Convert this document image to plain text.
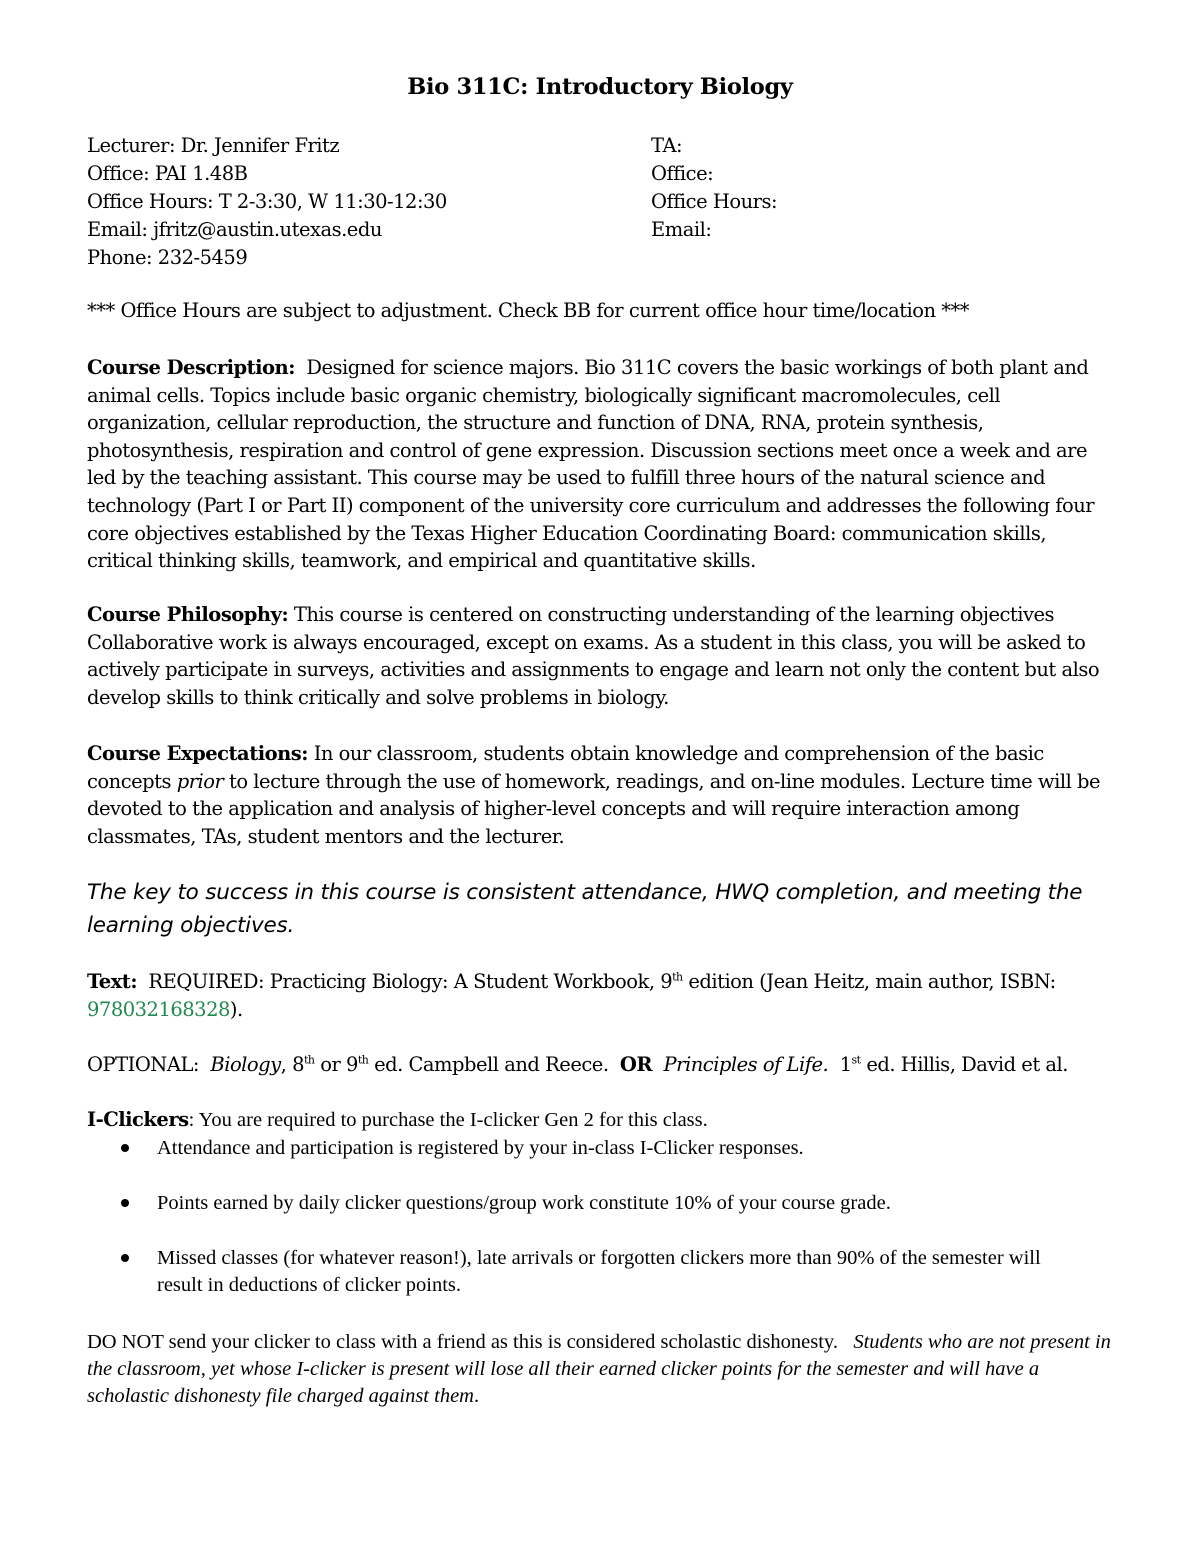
Bio 311C: Introductory Biology
Lecturer: Dr. Jennifer Fritz
Office: PAI 1.48B
Office Hours: T 2-3:30, W 11:30-12:30
Email: jfritz@austin.utexas.edu
Phone: 232-5459
TA:
Office:
Office Hours:
Email:

*** Office Hours are subject to adjustment. Check BB for current office hour time/location ***

Course Description: Designed for science majors. Bio 311C covers the basic workings of both plant and animal cells. Topics include basic organic chemistry, biologically significant macromolecules, cell organization, cellular reproduction, the structure and function of DNA, RNA, protein synthesis, photosynthesis, respiration and control of gene expression. Discussion sections meet once a week and are led by the teaching assistant. This course may be used to fulfill three hours of the natural science and technology (Part I or Part II) component of the university core curriculum and addresses the following four core objectives established by the Texas Higher Education Coordinating Board: communication skills, critical thinking skills, teamwork, and empirical and quantitative skills.

Course Philosophy: This course is centered on constructing understanding of the learning objectives Collaborative work is always encouraged, except on exams. As a student in this class, you will be asked to actively participate in surveys, activities and assignments to engage and learn not only the content but also develop skills to think critically and solve problems in biology.

Course Expectations: In our classroom, students obtain knowledge and comprehension of the basic concepts prior to lecture through the use of homework, readings, and on-line modules. Lecture time will be devoted to the application and analysis of higher-level concepts and will require interaction among classmates, TAs, student mentors and the lecturer.

The key to success in this course is consistent attendance, HWQ completion, and meeting the learning objectives.

Text: REQUIRED: Practicing Biology: A Student Workbook, 9th edition (Jean Heitz, main author, ISBN: 978032168328).

OPTIONAL: Biology, 8th or 9th ed. Campbell and Reece. OR Principles of Life. 1st ed. Hillis, David et al.

I-Clickers: You are required to purchase the I-clicker Gen 2 for this class.

Attendance and participation is registered by your in-class I-Clicker responses.
Points earned by daily clicker questions/group work constitute 10% of your course grade.
Missed classes (for whatever reason!), late arrivals or forgotten clickers more than 90% of the semester will result in deductions of clicker points.

DO NOT send your clicker to class with a friend as this is considered scholastic dishonesty. Students who are not present in the classroom, yet whose I-clicker is present will lose all their earned clicker points for the semester and will have a scholastic dishonesty file charged against them.
